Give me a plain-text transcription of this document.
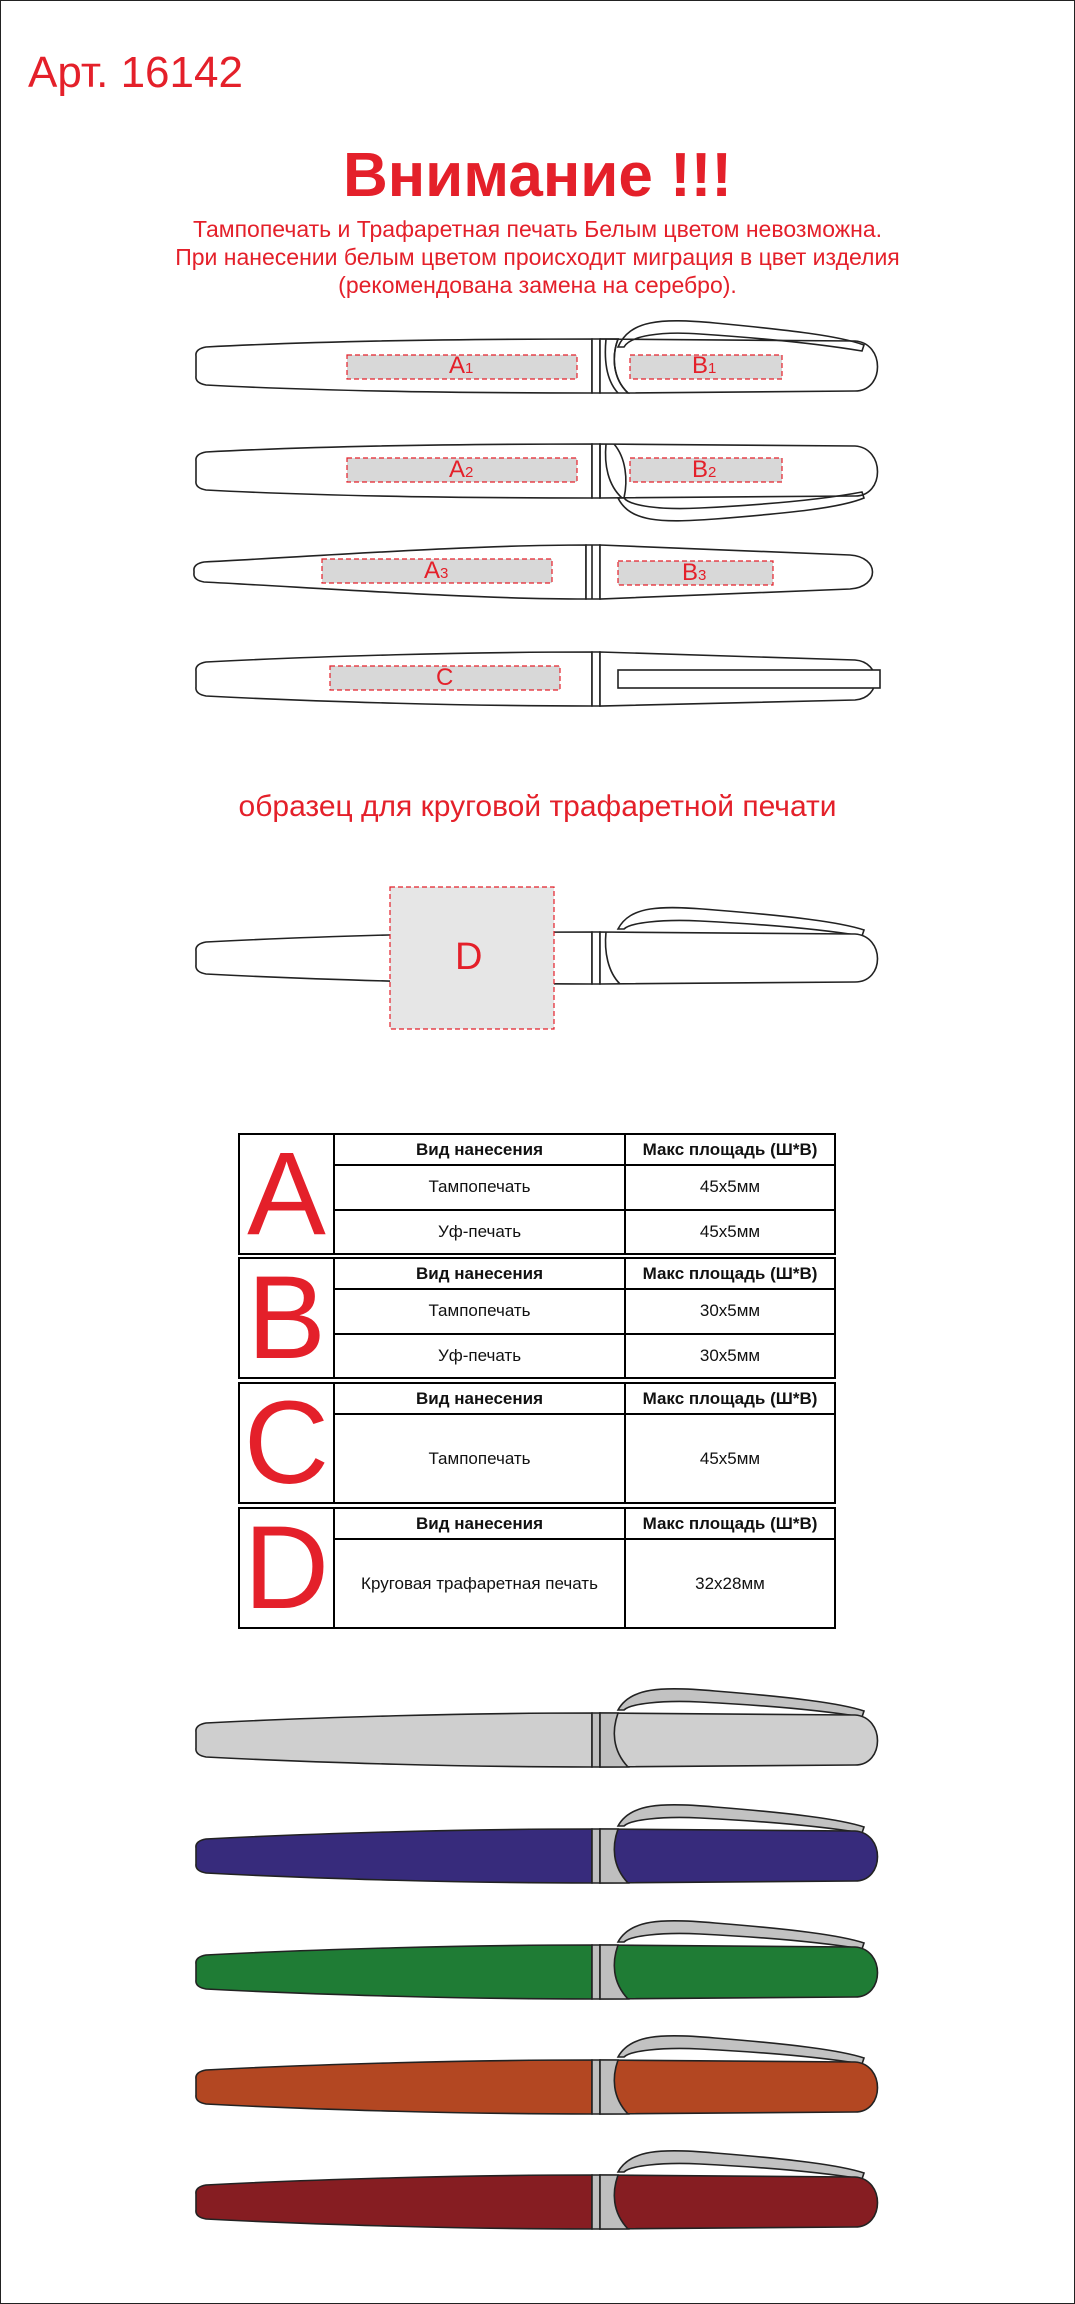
Арт. 16142
Внимание !!!
Тампопечать и Трафаретная печать Белым цветом невозможна.
При нанесении белым цветом происходит миграция в цвет изделия
(рекомендована замена на серебро).
образец для круговой трафаретной печати
A1	B1
A2	B2
A3	B3
C
D
A	Вид нанесения	Макс площадь (Ш*В)
	Тампопечать	45х5мм
	Уф-печать	45х5мм
B	Вид нанесения	Макс площадь (Ш*В)
	Тампопечать	30х5мм
	Уф-печать	30х5мм
C	Вид нанесения	Макс площадь (Ш*В)
	Тампопечать	45х5мм
D	Вид нанесения	Макс площадь (Ш*В)
	Круговая трафаретная печать	32х28мм
